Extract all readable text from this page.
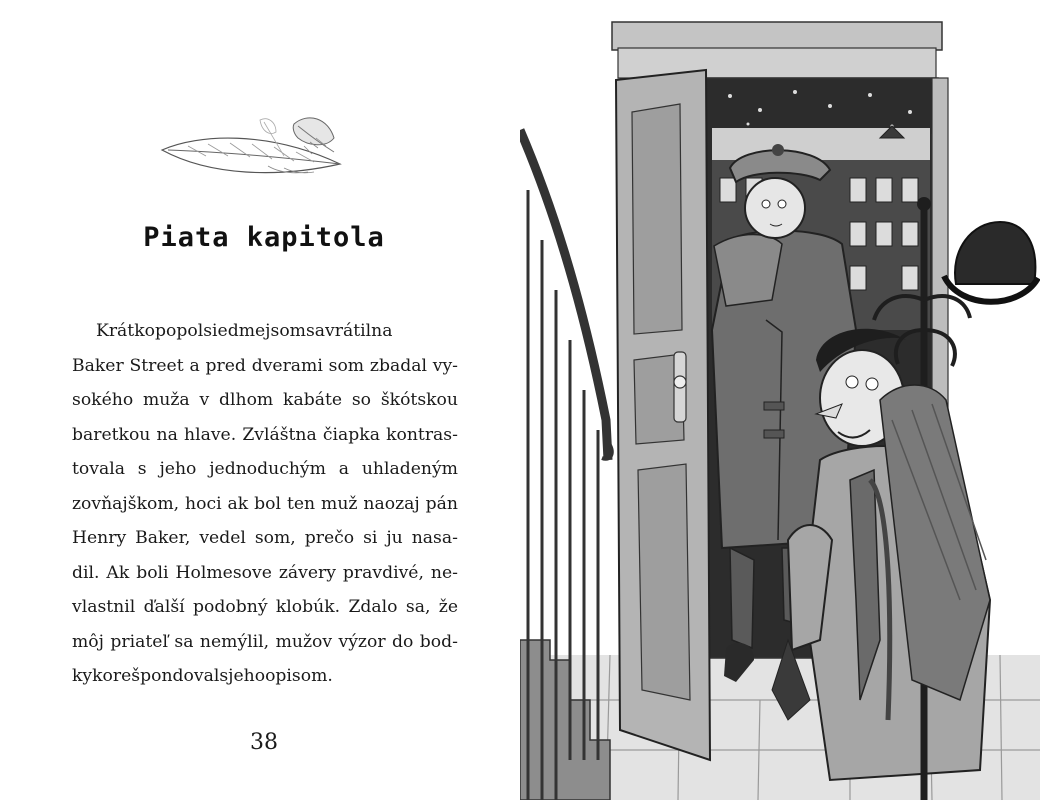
Piata kapitola
Krátko po pol siedmej som sa vrátil na
Baker Street a pred dverami som zbadal vy-
sokého muža v dlhom kabáte so škótskou
baretkou na hlave. Zvláštna čiapka kontras-
tovala s jeho jednoduchým a uhladeným
zovňajškom, hoci ak bol ten muž naozaj pán
Henry Baker, vedel som, prečo si ju nasa-
dil. Ak boli Holmesove závery pravdivé, ne-
vlastnil ďalší podobný klobúk. Zdalo sa, že
môj priateľ sa nemýlil, mužov výzor do bod-
ky korešpondoval s jeho opisom.
38
